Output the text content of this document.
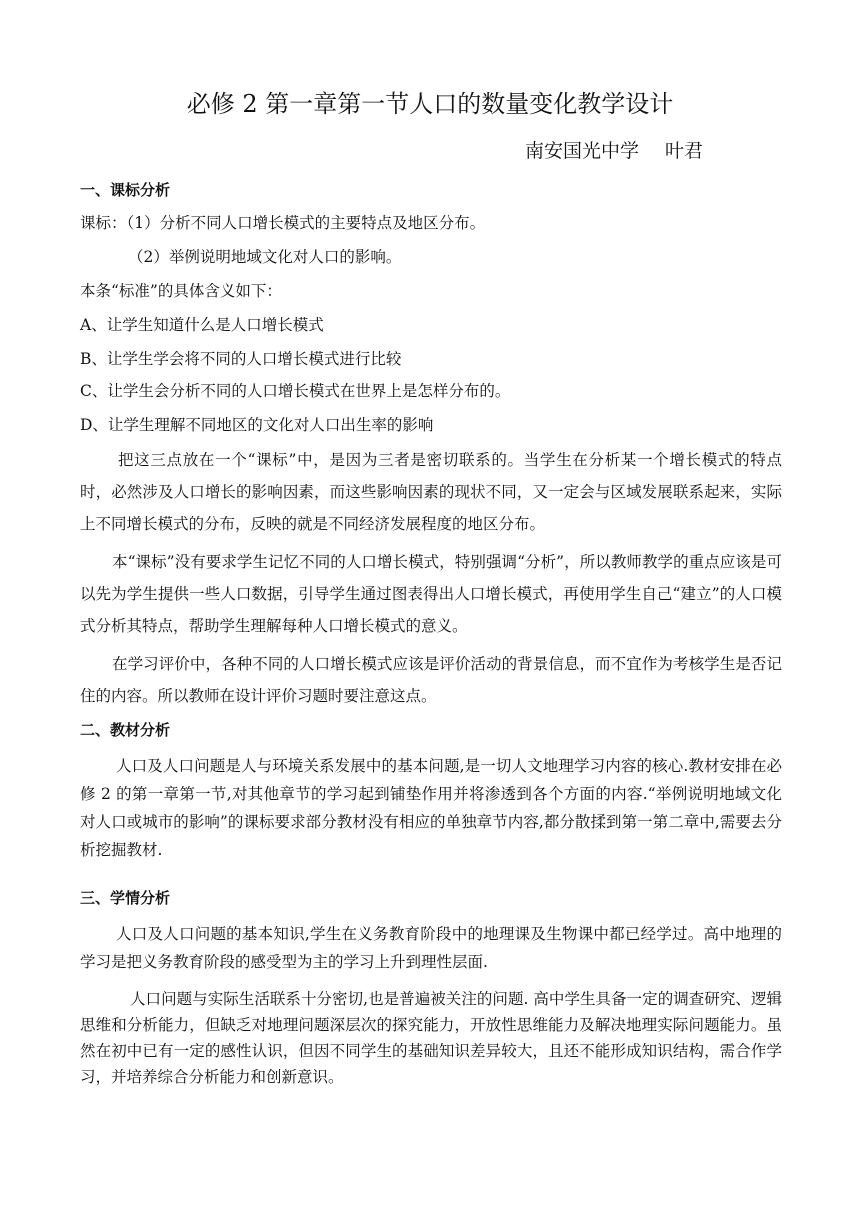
必修 2 第一章第一节人口的数量变化教学设计
南安国光中学 叶君
一、课标分析
课标：（1）分析不同人口增长模式的主要特点及地区分布。
（2）举例说明地域文化对人口的影响。
本条“标准”的具体含义如下：
A、让学生知道什么是人口增长模式
B、让学生学会将不同的人口增长模式进行比较
C、让学生会分析不同的人口增长模式在世界上是怎样分布的。
D、让学生理解不同地区的文化对人口出生率的影响
把这三点放在一个“课标”中，是因为三者是密切联系的。当学生在分析某一个增长模式的特点时，必然涉及人口增长的影响因素，而这些影响因素的现状不同，又一定会与区域发展联系起来，实际上不同增长模式的分布，反映的就是不同经济发展程度的地区分布。
本“课标”没有要求学生记忆不同的人口增长模式，特别强调“分析”，所以教师教学的重点应该是可以先为学生提供一些人口数据，引导学生通过图表得出人口增长模式，再使用学生自己“建立”的人口模式分析其特点，帮助学生理解每种人口增长模式的意义。
在学习评价中，各种不同的人口增长模式应该是评价活动的背景信息，而不宜作为考核学生是否记住的内容。所以教师在设计评价习题时要注意这点。
二、教材分析
人口及人口问题是人与环境关系发展中的基本问题,是一切人文地理学习内容的核心.教材安排在必修 2 的第一章第一节,对其他章节的学习起到铺垫作用并将渗透到各个方面的内容.“举例说明地域文化对人口或城市的影响”的课标要求部分教材没有相应的单独章节内容,都分散揉到第一第二章中,需要去分析挖掘教材.
三、学情分析
人口及人口问题的基本知识,学生在义务教育阶段中的地理课及生物课中都已经学过。高中地理的学习是把义务教育阶段的感受型为主的学习上升到理性层面.
人口问题与实际生活联系十分密切,也是普遍被关注的问题. 高中学生具备一定的调查研究、逻辑思维和分析能力，但缺乏对地理问题深层次的探究能力，开放性思维能力及解决地理实际问题能力。虽然在初中已有一定的感性认识，但因不同学生的基础知识差异较大，且还不能形成知识结构，需合作学习，并培养综合分析能力和创新意识。
